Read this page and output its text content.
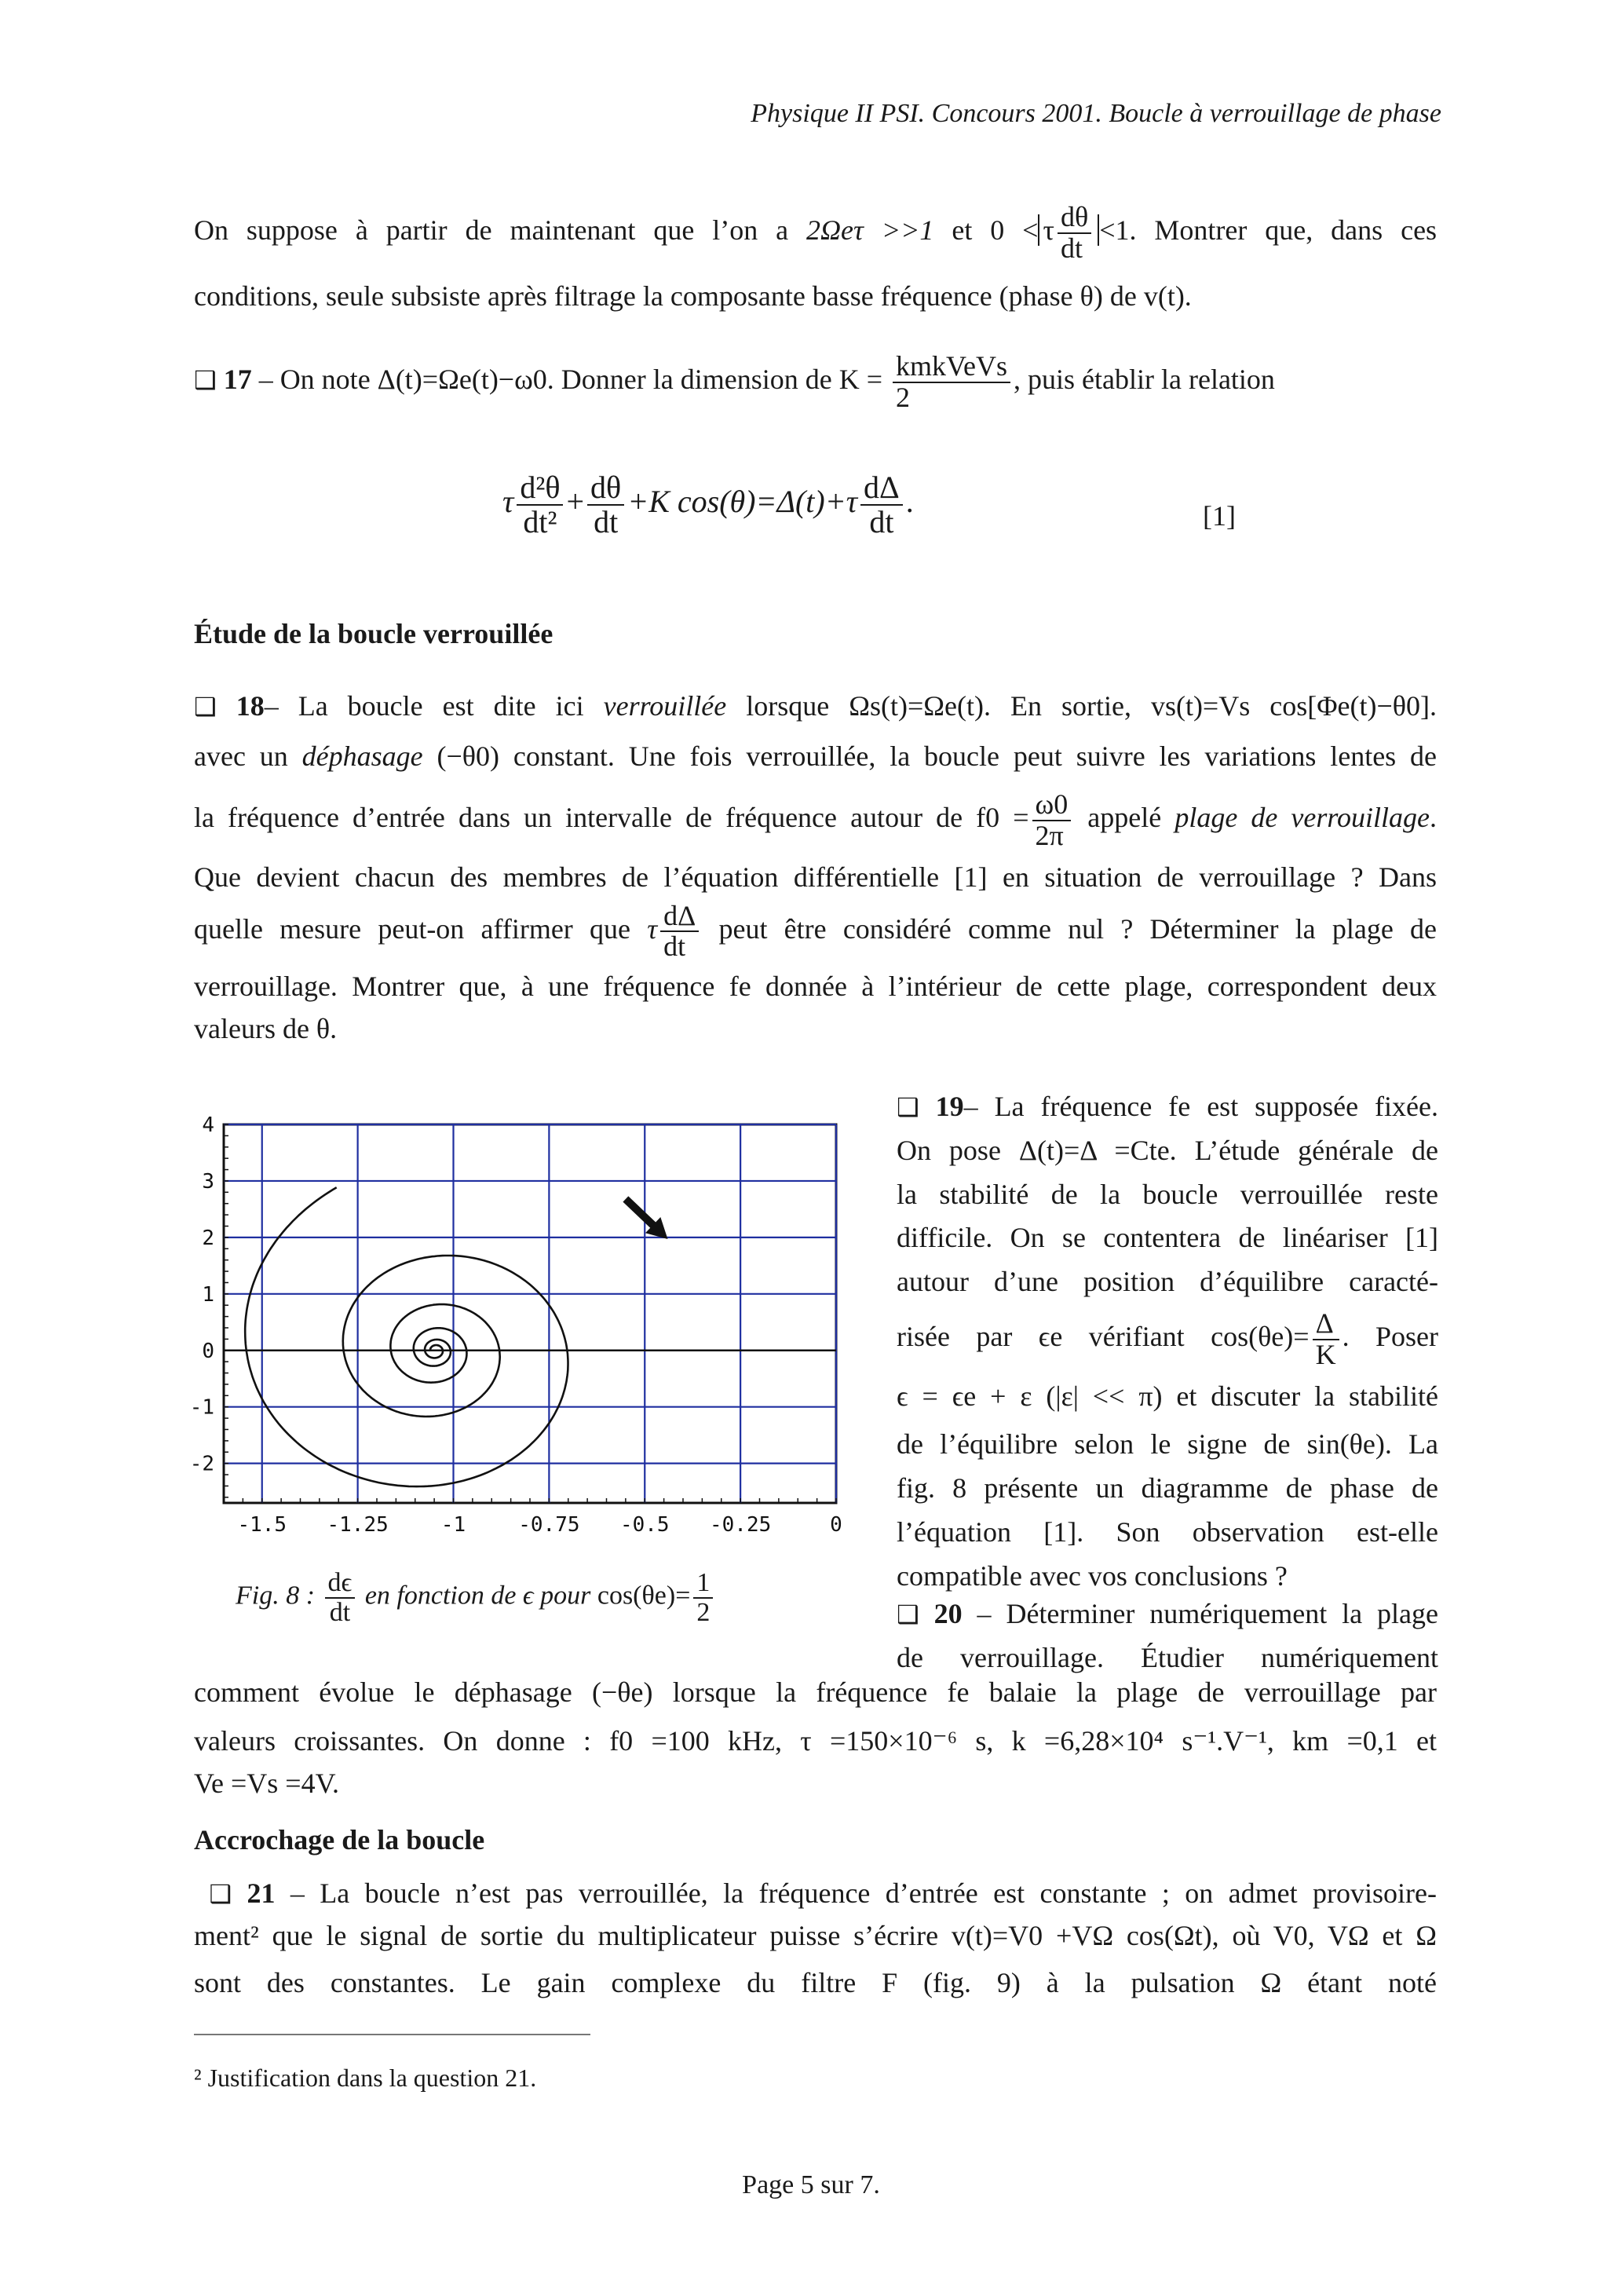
Physique II PSI. Concours 2001. Boucle à verrouillage de phase
On suppose à partir de maintenant que l’on a 2Ωeτ >>1 et 0 < τ $\frac{d\theta}{dt} <1$. Montrer que, dans ces
conditions, seule subsiste après filtrage la composante basse fréquence (phase θ) de v(t).
❑ 17 – On note Δ(t)=Ωe(t)−ω0. Donner la dimension de $K = \frac{\text{kmkVeVs}}{2}$ , puis établir la relation
τ $\frac{\text{d²θ}}{\text{dt²}} + \frac{d\theta}{dt} +K$ $\cos(\theta)=\Delta(t)+\tau \frac{d\Delta}{dt}$ .	[1]
Étude de la boucle verrouillée
❑ 18– La boucle est dite ici verrouillée lorsque Ωs(t)=Ωe(t). En sortie, vs(t)=Vs cos[Φe(t)−θ0].
avec un déphasage (−θ0) constant. Une fois verrouillée, la boucle peut suivre les variations lentes de
la fréquence d’entrée dans un intervalle de fréquence autour de $f0 = \frac{\omega 0}{2\pi}$ appelé plage de verrouillage.
Que devient chacun des membres de l’équation différentielle [1] en situation de verrouillage ? Dans
quelle mesure peut-on affirmer que τ $\frac{d\Delta}{dt}$ peut être considéré comme nul ? Déterminer la plage de
verrouillage. Montrer que, à une fréquence fe donnée à l’intérieur de cette plage, correspondent deux
valeurs de θ.
-1.5 -1.25	-1	-0.75 -0.5 -0.25	0
4
3
2
1
0
-1
-2
Fig. 8 : $\frac{d\epsilon}{dt}$ en fonction de ϵ pour $\cos(\theta e)= \frac{1}{2}$
❑ 19– La fréquence fe est supposée fixée.
On pose Δ(t)=Δ =Cte. L’étude générale de
la stabilité de la boucle verrouillée reste
difficile. On se contentera de linéariser [1]
autour d’une position d’équilibre caracté-
risée par ϵe vérifiant $\cos(\theta e)= \frac{\Delta}{K}$ . Poser
ϵ = ϵe + ε (|ε| << π) et discuter la stabilité
de l’équilibre selon le signe de sin(θe). La
fig. 8 présente un diagramme de phase de
l’équation [1]. Son observation est-elle
compatible avec vos conclusions ?
❑ 20 – Déterminer numériquement la plage
de verrouillage. Étudier numériquement
comment évolue le déphasage (−θe) lorsque la fréquence fe balaie la plage de verrouillage par
valeurs croissantes. On donne : f0 =100 kHz, τ =150×10⁻⁶ s, k =6,28×10⁴ s⁻¹.V⁻¹, km =0,1 et
Ve =Vs =4V.
Accrochage de la boucle
❑ 21 – La boucle n’est pas verrouillée, la fréquence d’entrée est constante ; on admet provisoire-
ment² que le signal de sortie du multiplicateur puisse s’écrire v(t)=V0 +VΩ cos(Ωt), où V0, VΩ et Ω
sont des constantes. Le gain complexe du filtre F (fig. 9) à la pulsation Ω étant noté
² Justification dans la question 21.
Page 5 sur 7.
